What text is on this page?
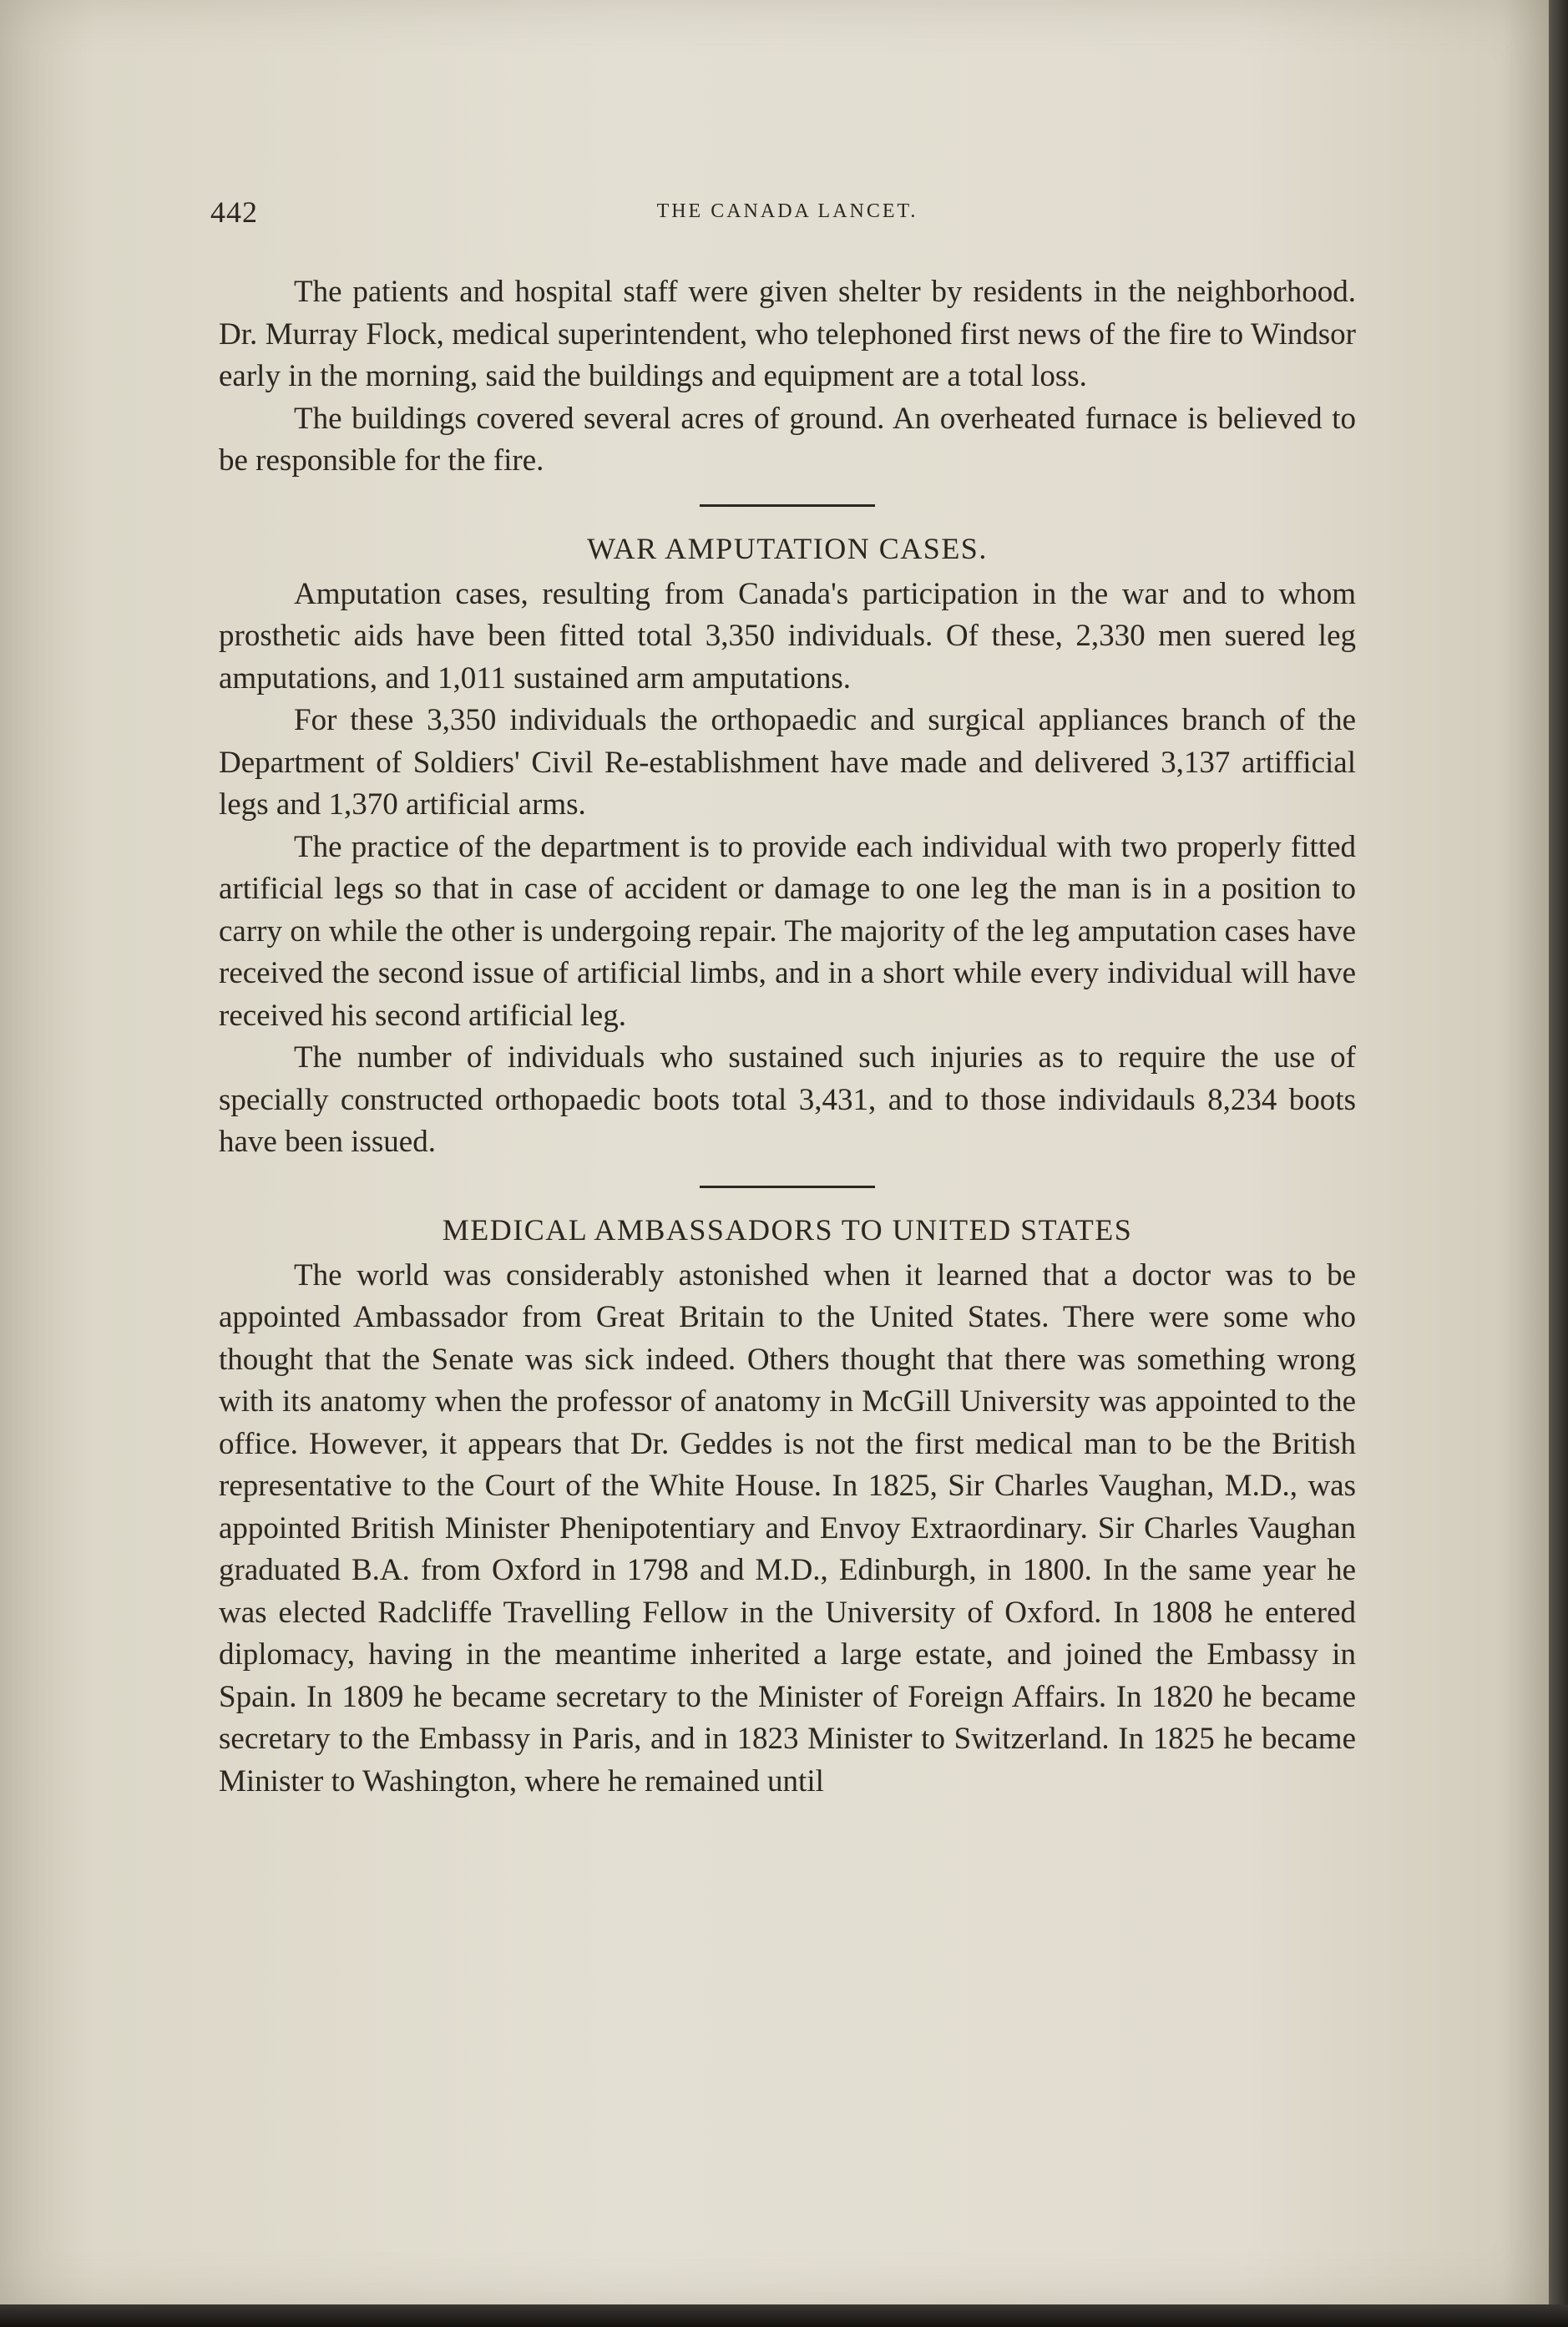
442	THE CANADA LANCET.

The patients and hospital staff were given shelter by residents in the neighborhood. Dr. Murray Flock, medical superintendent, who telephoned first news of the fire to Windsor early in the morning, said the buildings and equipment are a total loss.

The buildings covered several acres of ground. An overheated furnace is believed to be responsible for the fire.

WAR AMPUTATION CASES.

Amputation cases, resulting from Canada's participation in the war and to whom prosthetic aids have been fitted total 3,350 individuals. Of these, 2,330 men suered leg amputations, and 1,011 sustained arm amputations.

For these 3,350 individuals the orthopaedic and surgical appliances branch of the Department of Soldiers' Civil Re-establishment have made and delivered 3,137 artifficial legs and 1,370 artificial arms.

The practice of the department is to provide each individual with two properly fitted artificial legs so that in case of accident or damage to one leg the man is in a position to carry on while the other is undergoing repair. The majority of the leg amputation cases have received the second issue of artificial limbs, and in a short while every individual will have received his second artificial leg.

The number of individuals who sustained such injuries as to require the use of specially constructed orthopaedic boots total 3,431, and to those individauls 8,234 boots have been issued.

MEDICAL AMBASSADORS TO UNITED STATES

The world was considerably astonished when it learned that a doctor was to be appointed Ambassador from Great Britain to the United States. There were some who thought that the Senate was sick indeed. Others thought that there was something wrong with its anatomy when the professor of anatomy in McGill University was appointed to the office. However, it appears that Dr. Geddes is not the first medical man to be the British representative to the Court of the White House. In 1825, Sir Charles Vaughan, M.D., was appointed British Minister Phenipotentiary and Envoy Extraordinary. Sir Charles Vaughan graduated B.A. from Oxford in 1798 and M.D., Edinburgh, in 1800. In the same year he was elected Radcliffe Travelling Fellow in the University of Oxford. In 1808 he entered diplomacy, having in the meantime inherited a large estate, and joined the Embassy in Spain. In 1809 he became secretary to the Minister of Foreign Affairs. In 1820 he became secretary to the Embassy in Paris, and in 1823 Minister to Switzerland. In 1825 he became Minister to Washington, where he remained until
